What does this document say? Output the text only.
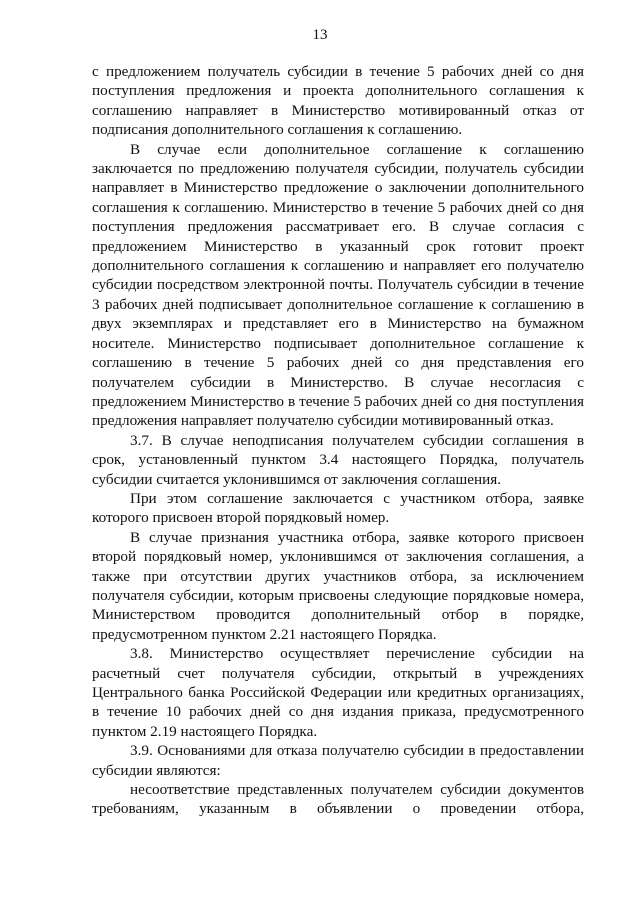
13

с предложением получатель субсидии в течение 5 рабочих дней со дня поступления предложения и проекта дополнительного соглашения к соглашению направляет в Министерство мотивированный отказ от подписания дополнительного соглашения к соглашению.

В случае если дополнительное соглашение к соглашению заключается по предложению получателя субсидии, получатель субсидии направляет в Министерство предложение о заключении дополнительного соглашения к соглашению. Министерство в течение 5 рабочих дней со дня поступления предложения рассматривает его. В случае согласия с предложением Министерство в указанный срок готовит проект дополнительного соглашения к соглашению и направляет его получателю субсидии посредством электронной почты. Получатель субсидии в течение 3 рабочих дней подписывает дополнительное соглашение к соглашению в двух экземплярах и представляет его в Министерство на бумажном носителе. Министерство подписывает дополнительное соглашение к соглашению в течение 5 рабочих дней со дня представления его получателем субсидии в Министерство. В случае несогласия с предложением Министерство в течение 5 рабочих дней со дня поступления предложения направляет получателю субсидии мотивированный отказ.

3.7. В случае неподписания получателем субсидии соглашения в срок, установленный пунктом 3.4 настоящего Порядка, получатель субсидии считается уклонившимся от заключения соглашения.

При этом соглашение заключается с участником отбора, заявке которого присвоен второй порядковый номер.

В случае признания участника отбора, заявке которого присвоен второй порядковый номер, уклонившимся от заключения соглашения, а также при отсутствии других участников отбора, за исключением получателя субсидии, которым присвоены следующие порядковые номера, Министерством проводится дополнительный отбор в порядке, предусмотренном пунктом 2.21 настоящего Порядка.

3.8. Министерство осуществляет перечисление субсидии на расчетный счет получателя субсидии, открытый в учреждениях Центрального банка Российской Федерации или кредитных организациях, в течение 10 рабочих дней со дня издания приказа, предусмотренного пунктом 2.19 настоящего Порядка.

3.9. Основаниями для отказа получателю субсидии в предоставлении субсидии являются:

несоответствие представленных получателем субсидии документов требованиям, указанным в объявлении о проведении отбора,
